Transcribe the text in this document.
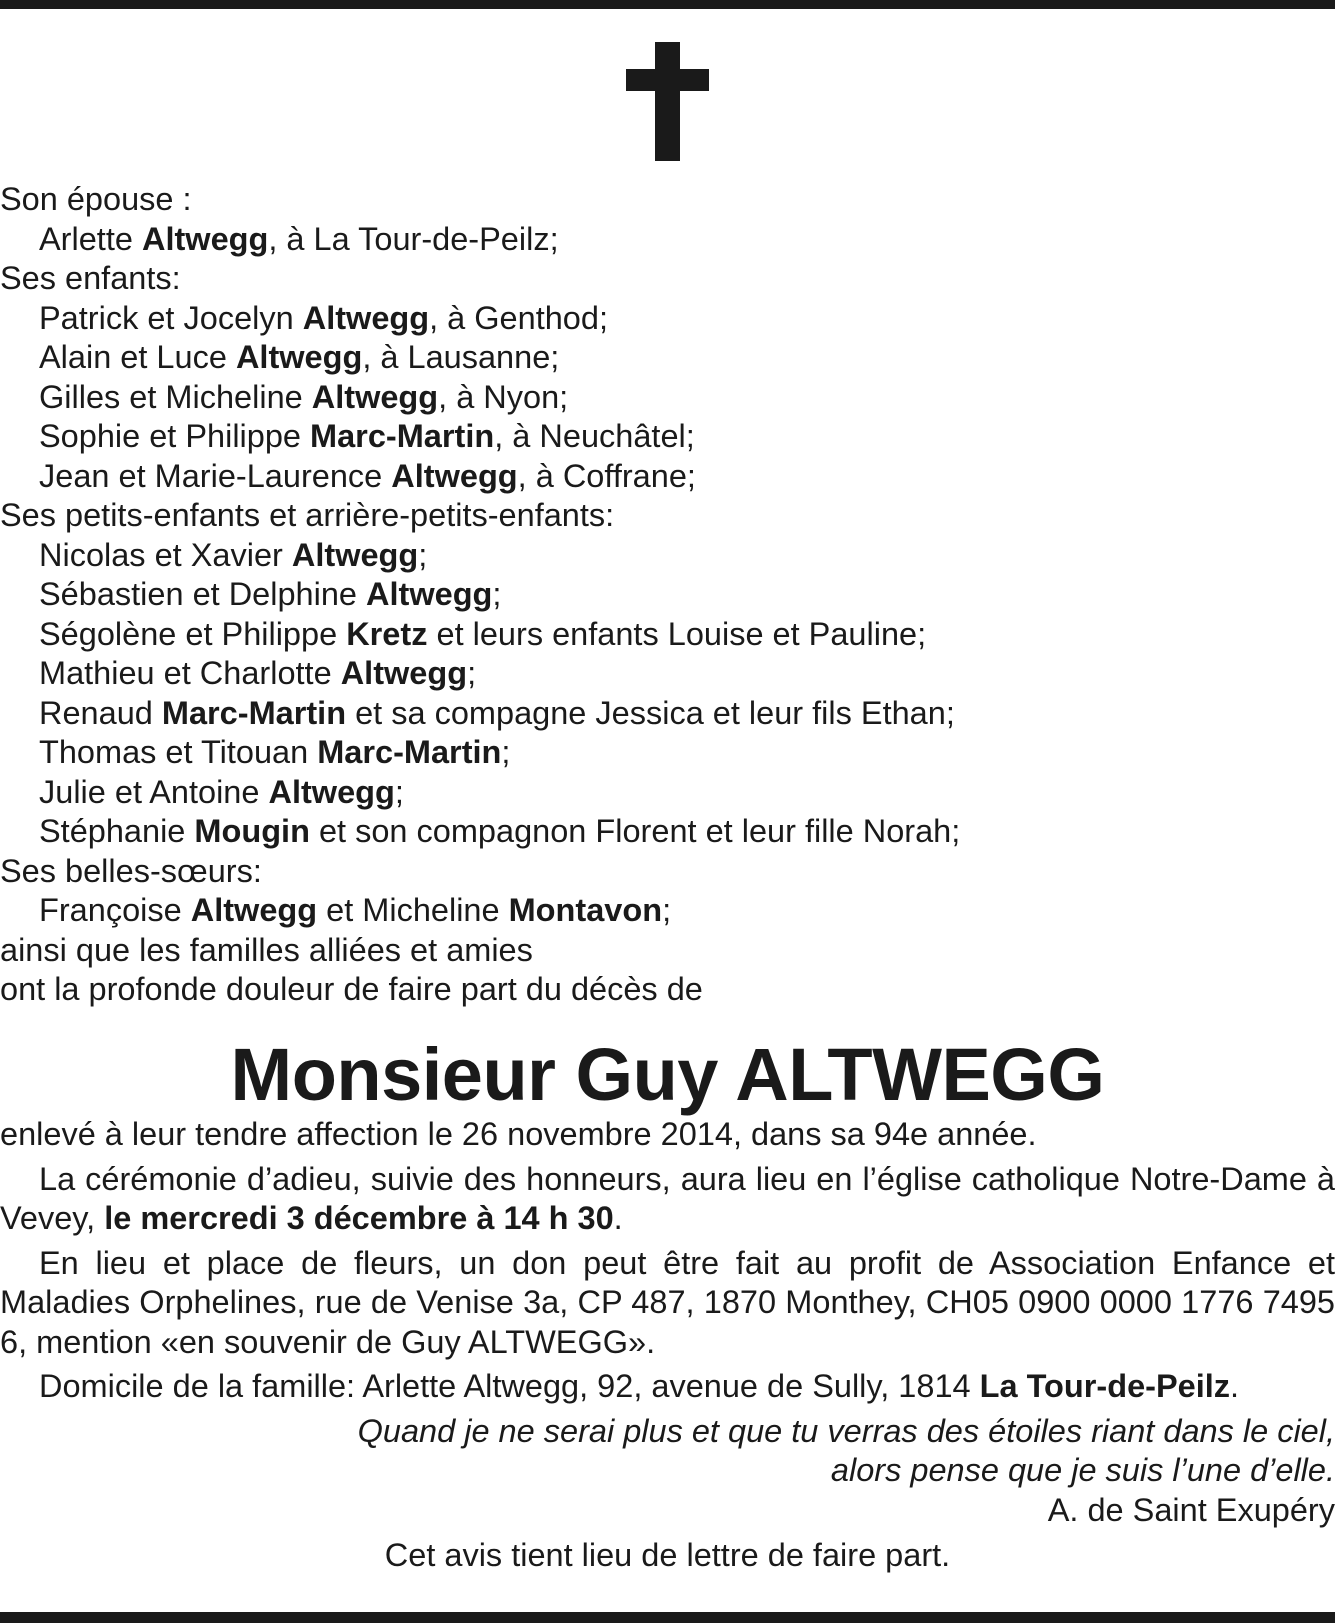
Son épouse :
Arlette Altwegg, à La Tour-de-Peilz;
Ses enfants:
Patrick et Jocelyn Altwegg, à Genthod;
Alain et Luce Altwegg, à Lausanne;
Gilles et Micheline Altwegg, à Nyon;
Sophie et Philippe Marc-Martin, à Neuchâtel;
Jean et Marie-Laurence Altwegg, à Coffrane;
Ses petits-enfants et arrière-petits-enfants:
Nicolas et Xavier Altwegg;
Sébastien et Delphine Altwegg;
Ségolène et Philippe Kretz et leurs enfants Louise et Pauline;
Mathieu et Charlotte Altwegg;
Renaud Marc-Martin et sa compagne Jessica et leur fils Ethan;
Thomas et Titouan Marc-Martin;
Julie et Antoine Altwegg;
Stéphanie Mougin et son compagnon Florent et leur fille Norah;
Ses belles-sœurs:
Françoise Altwegg et Micheline Montavon;
ainsi que les familles alliées et amies
ont la profonde douleur de faire part du décès de
Monsieur Guy ALTWEGG
enlevé à leur tendre affection le 26 novembre 2014, dans sa 94e année.
La cérémonie d’adieu, suivie des honneurs, aura lieu en l’église catholique Notre-Dame à Vevey, le mercredi 3 décembre à 14 h 30.
En lieu et place de fleurs, un don peut être fait au profit de Association Enfance et Maladies Orphelines, rue de Venise 3a, CP 487, 1870 Monthey, CH05 0900 0000 1776 7495 6, mention «en souvenir de Guy ALTWEGG».
Domicile de la famille: Arlette Altwegg, 92, avenue de Sully, 1814 La Tour-de-Peilz.
Quand je ne serai plus et que tu verras des étoiles riant dans le ciel,
alors pense que je suis l’une d’elle.
A. de Saint Exupéry
Cet avis tient lieu de lettre de faire part.
